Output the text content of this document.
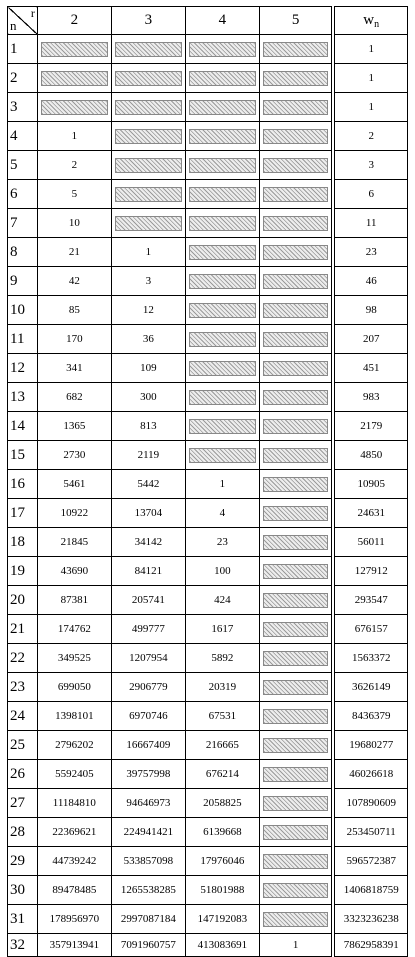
r
n	2	3	4	5	$w_n$
1					1
2					1
3					1
4	1				2
5	2				3
6	5				6
7	10				11
8	21	1			23
9	42	3			46
10	85	12			98
11	170	36			207
12	341	109			451
13	682	300			983
14	1365	813			2179
15	2730	2119			4850
16	5461	5442	1		10905
17	10922	13704	4		24631
18	21845	34142	23		56011
19	43690	84121	100		127912
20	87381	205741	424		293547
21	174762	499777	1617		676157
22	349525	1207954	5892		1563372
23	699050	2906779	20319		3626149
24	1398101	6970746	67531		8436379
25	2796202	16667409	216665		19680277
26	5592405	39757998	676214		46026618
27	11184810	94646973	2058825		107890609
28	22369621	224941421	6139668		253450711
29	44739242	533857098	17976046		596572387
30	89478485	1265538285	51801988		1406818759
31	178956970	2997087184	147192083		3323236238
32	357913941	7091960757	413083691	1	7862958391
